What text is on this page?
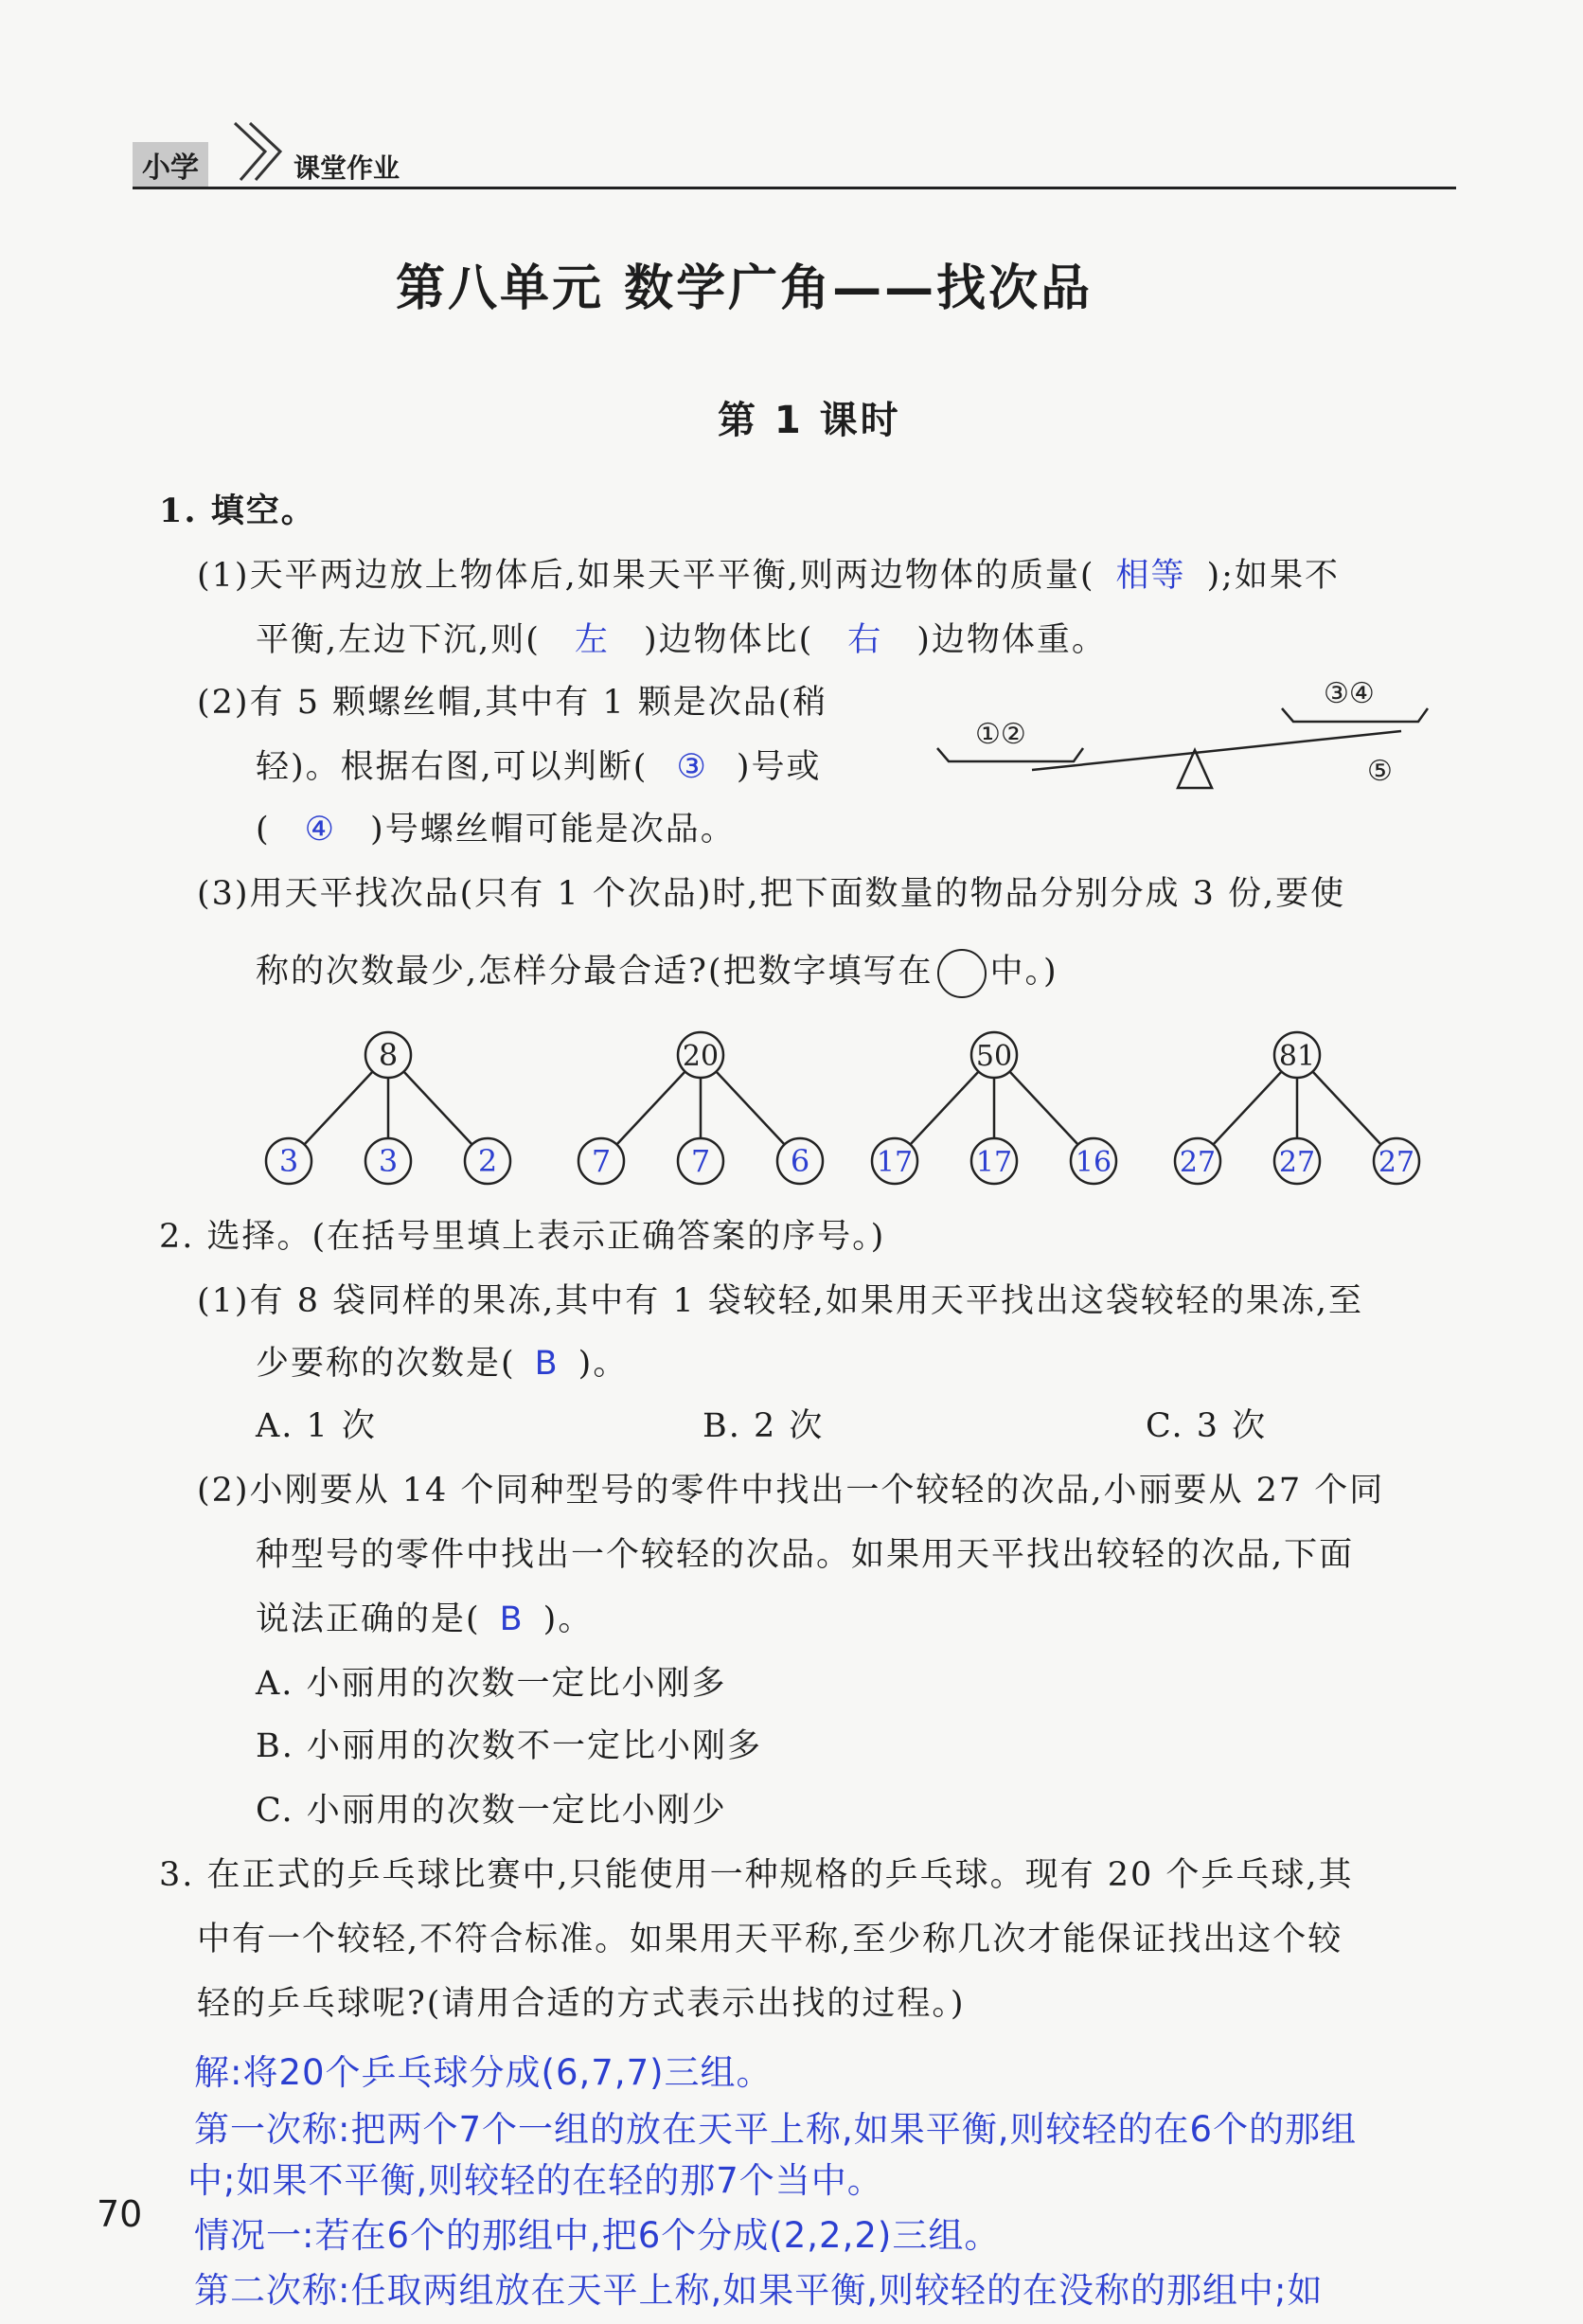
小学	课堂作业
第八单元 数学广角——找次品
第 1 课时
1. 填空。
(1)天平两边放上物体后,如果天平平衡,则两边物体的质量( 相等 );如果不
平衡,左边下沉,则( 左 )边物体比( 右 )边物体重。
(2)有 5 颗螺丝帽,其中有 1 颗是次品(稍
轻)。根据右图,可以判断( ③ )号或
( ④ )号螺丝帽可能是次品。
①②
③④
⑤
(3)用天平找次品(只有 1 个次品)时,把下面数量的物品分别分成 3 份,要使
称的次数最少,怎样分最合适?(把数字填写在 中。)
8
3	3	2
20
7	7	6
50
17 17 16
81
27 27 27
2. 选择。(在括号里填上表示正确答案的序号。)
(1)有 8 袋同样的果冻,其中有 1 袋较轻,如果用天平找出这袋较轻的果冻,至
少要称的次数是( B )。
A. 1 次	B. 2 次	C. 3 次
(2)小刚要从 14 个同种型号的零件中找出一个较轻的次品,小丽要从 27 个同
种型号的零件中找出一个较轻的次品。如果用天平找出较轻的次品,下面
说法正确的是( B )。
A. 小丽用的次数一定比小刚多
B. 小丽用的次数不一定比小刚多
C. 小丽用的次数一定比小刚少
3. 在正式的乒乓球比赛中,只能使用一种规格的乒乓球。现有 20 个乒乓球,其
中有一个较轻,不符合标准。如果用天平称,至少称几次才能保证找出这个较
轻的乒乓球呢?(请用合适的方式表示出找的过程。)
解:将20个乒乓球分成(6,7,7)三组。
第一次称:把两个7个一组的放在天平上称,如果平衡,则较轻的在6个的那组
中;如果不平衡,则较轻的在轻的那7个当中。
情况一:若在6个的那组中,把6个分成(2,2,2)三组。
第二次称:任取两组放在天平上称,如果平衡,则较轻的在没称的那组中;如
70
